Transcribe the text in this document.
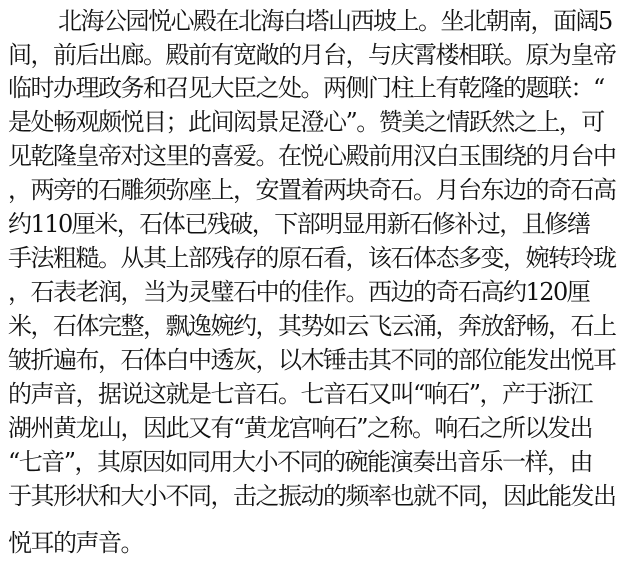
北海公园悦心殿在北海白塔山西坡上。坐北朝南，面阔5
间，前后出廊。殿前有宽敞的月台，与庆霄楼相联。原为皇帝
临时办理政务和召见大臣之处。两侧门柱上有乾隆的题联：“
是处畅观颇悦目；此间闳景足澄心”。赞美之情跃然之上，可
见乾隆皇帝对这里的喜爱。在悦心殿前用汉白玉围绕的月台中
，两旁的石雕须弥座上，安置着两块奇石。月台东边的奇石高
约110厘米，石体已残破，下部明显用新石修补过，且修缮
手法粗糙。从其上部残存的原石看，该石体态多变，婉转玲珑
，石表老润，当为灵璧石中的佳作。西边的奇石高约120厘
米，石体完整，飘逸婉约，其势如云飞云涌，奔放舒畅，石上
皱折遍布，石体白中透灰，以木锤击其不同的部位能发出悦耳
的声音，据说这就是七音石。七音石又叫“响石”，产于浙江
湖州黄龙山，因此又有“黄龙宫响石”之称。响石之所以发出
“七音”，其原因如同用大小不同的碗能演奏出音乐一样，由
于其形状和大小不同，击之振动的频率也就不同，因此能发出
悦耳的声音。
